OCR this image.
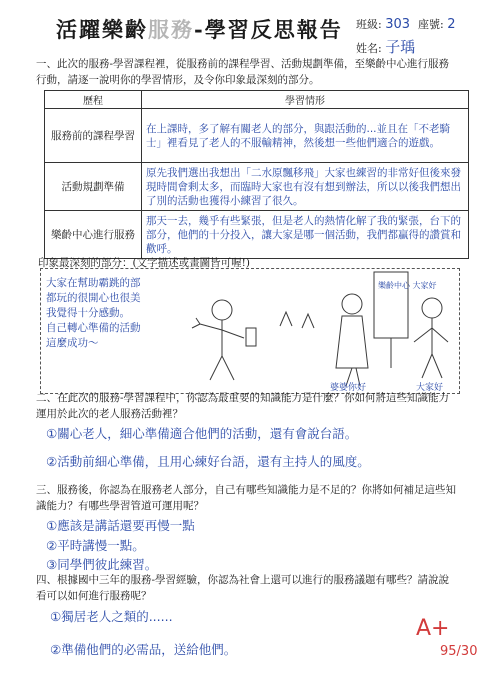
活躍樂齡服務-學習反思報告 班級: 303 座號: 2
姓名: 子瑀
一、此次的服務-學習課程裡，從服務前的課程學習、活動規劃準備，至樂齡中心進行服務行動，請逐一說明你的學習情形，及令你印象最深刻的部分。
歷程	學習情形
服務前的課程學習	在上課時，多了解有關老人的部分，與跟活動的...並且在「不老騎士」裡看見了老人的不服輸精神，然後想一些他們適合的遊戲。
活動規劃準備	原先我們選出我想出「二水原飄移飛」大家也練習的非常好但後來發現時間會剩太多，而臨時大家也有沒有想到辦法，所以以後我們想出了別的活動也獲得小練習了很久。
樂齡中心進行服務	那天一去，幾乎有些緊張，但是老人的熱情化解了我的緊張，台下的部分，他們的十分投入，讓大家是哪一個活動，我們都贏得的讚賞和歡呼。
印象最深刻的部分：(文字描述或畫圖皆可喔!)
大家在幫助霸跳的部
都玩的很開心也很美
我覺得十分感動。
自己轉心準備的活動
這麼成功～
樂齡中心 大家好
婆婆你好	大家好
二、在此次的服務-學習課程中，你認為最重要的知識能力是什麼？你如何將這些知識能力運用於此次的老人服務活動裡？
①關心老人，細心準備適合他們的活動，還有會說台語。
②活動前細心準備，且用心練好台語，還有主持人的風度。
三、服務後，你認為在服務老人部分，自己有哪些知識能力是不足的？你將如何補足這些知識能力？有哪些學習管道可運用呢？
①應該是講話還要再慢一點
②平時講慢一點。
③同學們彼此練習。
四、根據國中三年的服務-學習經驗，你認為社會上還可以進行的服務議題有哪些？請說說看可以如何進行服務呢？
①獨居老人之類的......
②準備他們的必需品，送給他們。
A+
95/30
